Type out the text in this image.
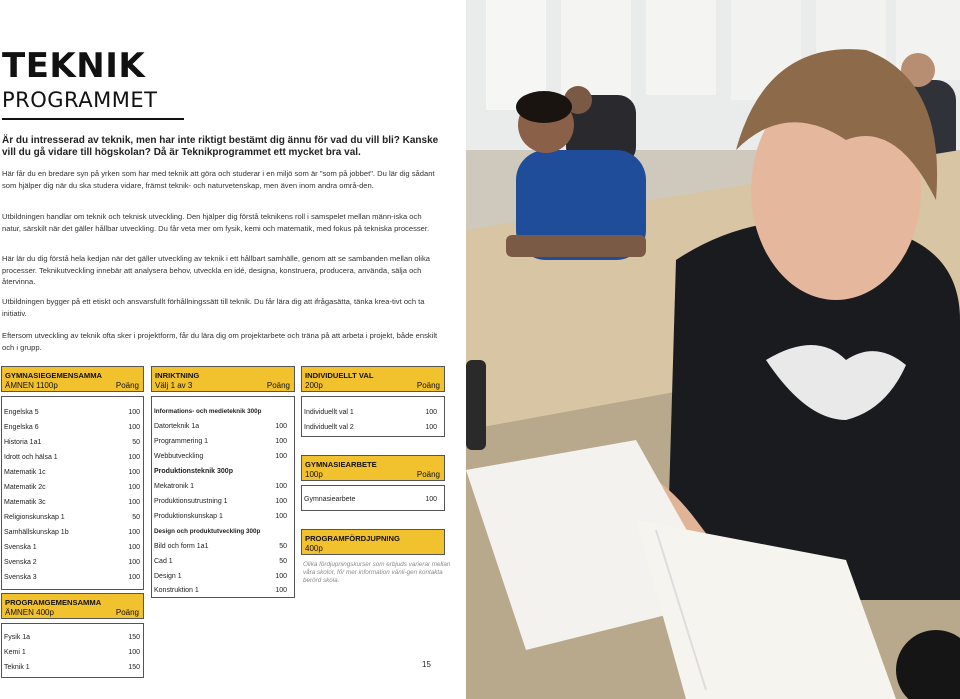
TEKNIK
PROGRAMMET

Är du intresserad av teknik, men har inte riktigt bestämt dig ännu för vad du vill bli? Kanske vill du gå vidare till högskolan? Då är Teknikprogrammet ett mycket bra val.

Här får du en bredare syn på yrken som har med teknik att göra och studerar i en miljö som är "som på jobbet". Du lär dig sådant som hjälper dig när du ska studera vidare, främst teknik- och naturvetenskap, men även inom andra områ-den.

Utbildningen handlar om teknik och teknisk utveckling. Den hjälper dig förstå teknikens roll i samspelet mellan männ-iska och natur, särskilt när det gäller hållbar utveckling. Du får veta mer om fysik, kemi och matematik, med fokus på tekniska processer.

Här lär du dig förstå hela kedjan när det gäller utveckling av teknik i ett hållbart samhälle, genom att se sambanden mellan olika processer. Teknikutveckling innebär att analysera behov, utveckla en idé, designa, konstruera, producera, använda, sälja och återvinna.

Utbildningen bygger på ett etiskt och ansvarsfullt förhållningssätt till teknik. Du får lära dig att ifrågasätta, tänka krea-tivt och ta initiativ.

Eftersom utveckling av teknik ofta sker i projektform, får du lära dig om projektarbete och träna på att arbeta i projekt, både enskilt och i grupp.

GYMNASIEGEMENSAMMA
ÄMNEN 1100p	Poäng
Engelska 5	100
Engelska 6	100
Historia 1a1	50
Idrott och hälsa 1	100
Matematik 1c	100
Matematik 2c	100
Matematik 3c	100
Religionskunskap 1	50
Samhällskunskap 1b	100
Svenska 1	100
Svenska 2	100
Svenska 3	100
PROGRAMGEMENSAMMA
ÄMNEN 400p	Poäng
Fysik 1a	150
Kemi 1	100
Teknik 1	150
INRIKTNING
Välj 1 av 3	Poäng
Informations- och medieteknik 300p
Datorteknik 1a	100
Programmering 1	100
Webbutveckling	100
Produktionsteknik 300p
Mekatronik 1	100
Produktionsutrustning 1	100
Produktionskunskap 1	100
Design och produktutveckling 300p
Bild och form 1a1	50
Cad 1	50
Design 1	100
Konstruktion 1	100
INDIVIDUELLT VAL
200p	Poäng
Individuellt val 1	100
Individuellt val 2	100
GYMNASIEARBETE
100p	Poäng
Gymnasiearbete	100
PROGRAMFÖRDJUPNING
400p

Olika fördjupningskurser som erbjuds varierar mellan våra skolor, för mer information vänli-gen kontakta berörd skola.

15
